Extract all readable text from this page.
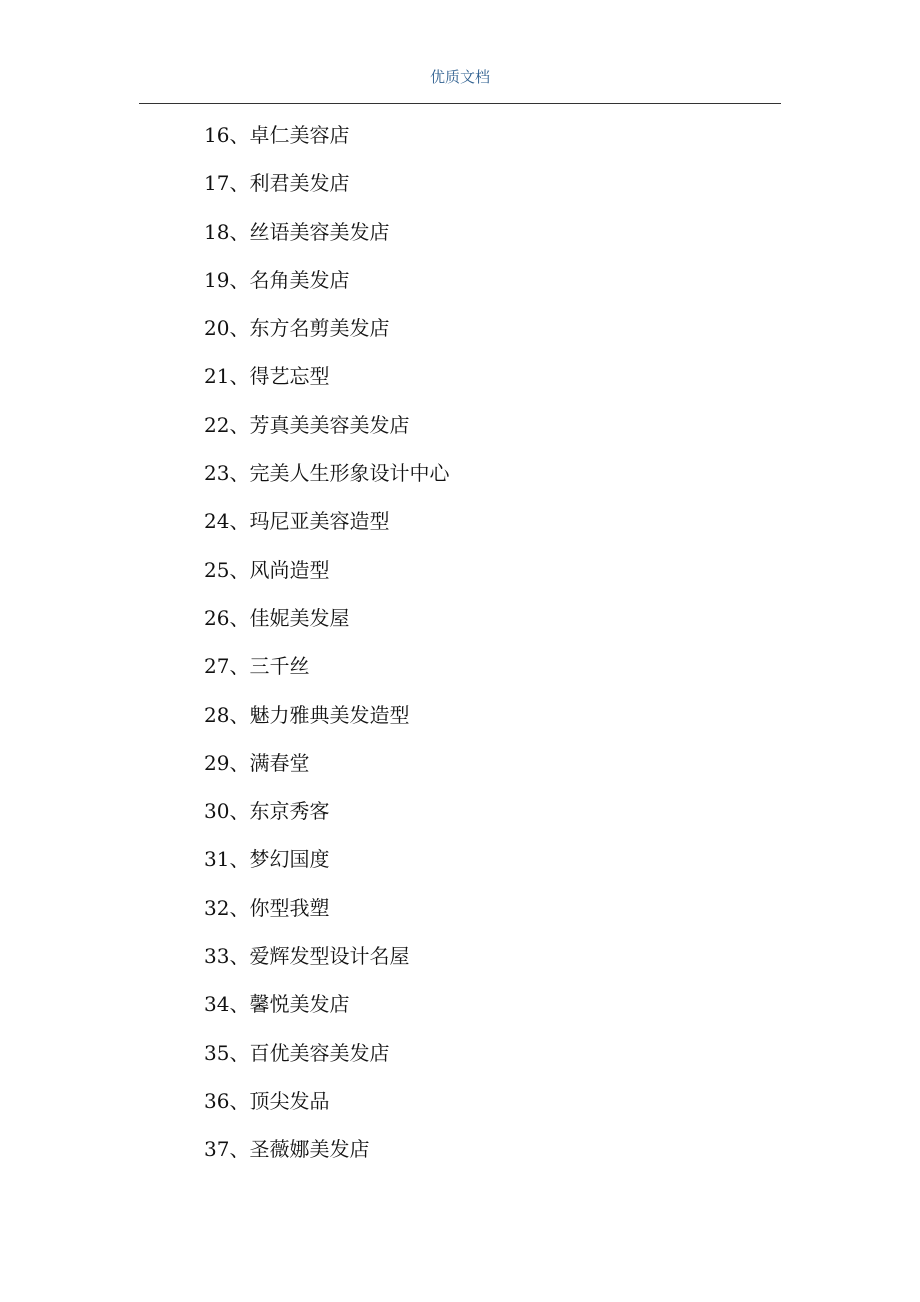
优质文档
16、卓仁美容店
17、利君美发店
18、丝语美容美发店
19、名角美发店
20、东方名剪美发店
21、得艺忘型
22、芳真美美容美发店
23、完美人生形象设计中心
24、玛尼亚美容造型
25、风尚造型
26、佳妮美发屋
27、三千丝
28、魅力雅典美发造型
29、满春堂
30、东京秀客
31、梦幻国度
32、你型我塑
33、爱辉发型设计名屋
34、馨悦美发店
35、百优美容美发店
36、顶尖发品
37、圣薇娜美发店
